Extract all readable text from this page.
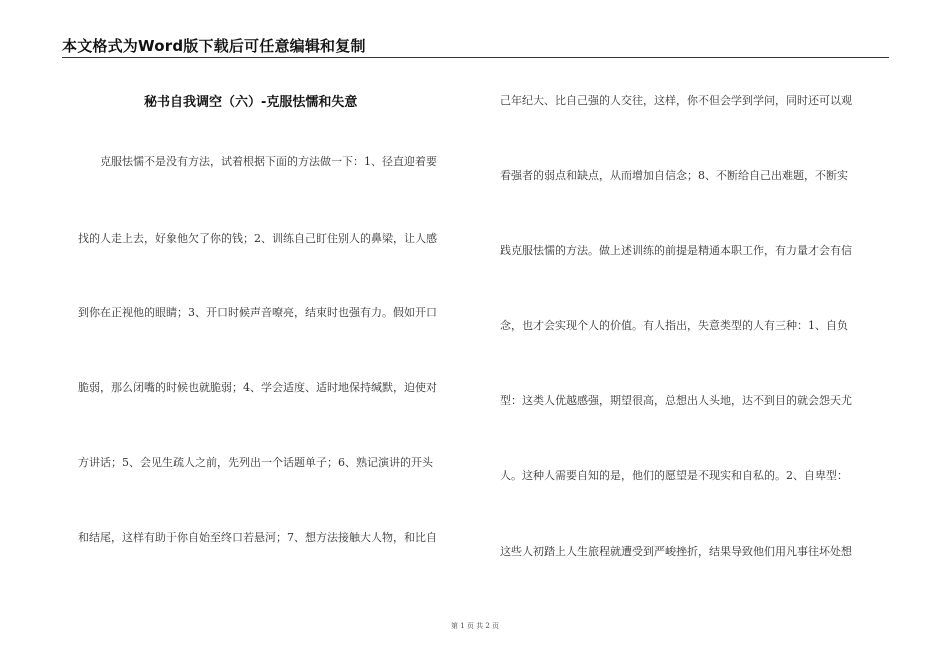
本文格式为Word版下载后可任意编辑和复制
秘书自我调空（六）-克服怯懦和失意
克服怯懦不是没有方法，试着根据下面的方法做一下：1、径直迎着要
找的人走上去，好象他欠了你的钱；2、训练自己盯住别人的鼻梁，让人感
到你在正视他的眼睛；3、开口时候声音嘹亮，结束时也强有力。假如开口
脆弱，那么闭嘴的时候也就脆弱；4、学会适度、适时地保持缄默，迫使对
方讲话；5、会见生疏人之前，先列出一个话题单子；6、熟记演讲的开头
和结尾，这样有助于你自始至终口若悬河；7、想方法接触大人物，和比自
己年纪大、比自己强的人交往，这样，你不但会学到学问，同时还可以观
看强者的弱点和缺点，从而增加自信念；8、不断给自己出难题，不断实
践克服怯懦的方法。做上述训练的前提是精通本职工作，有力量才会有信
念，也才会实现个人的价值。有人指出，失意类型的人有三种：1、自负
型：这类人优越感强，期望很高，总想出人头地，达不到目的就会怨天尤
人。这种人需要自知的是，他们的愿望是不现实和自私的。2、自卑型：
这些人初踏上人生旅程就遭受到严峻挫折，结果导致他们用凡事往坏处想
第 1 页 共 2 页
